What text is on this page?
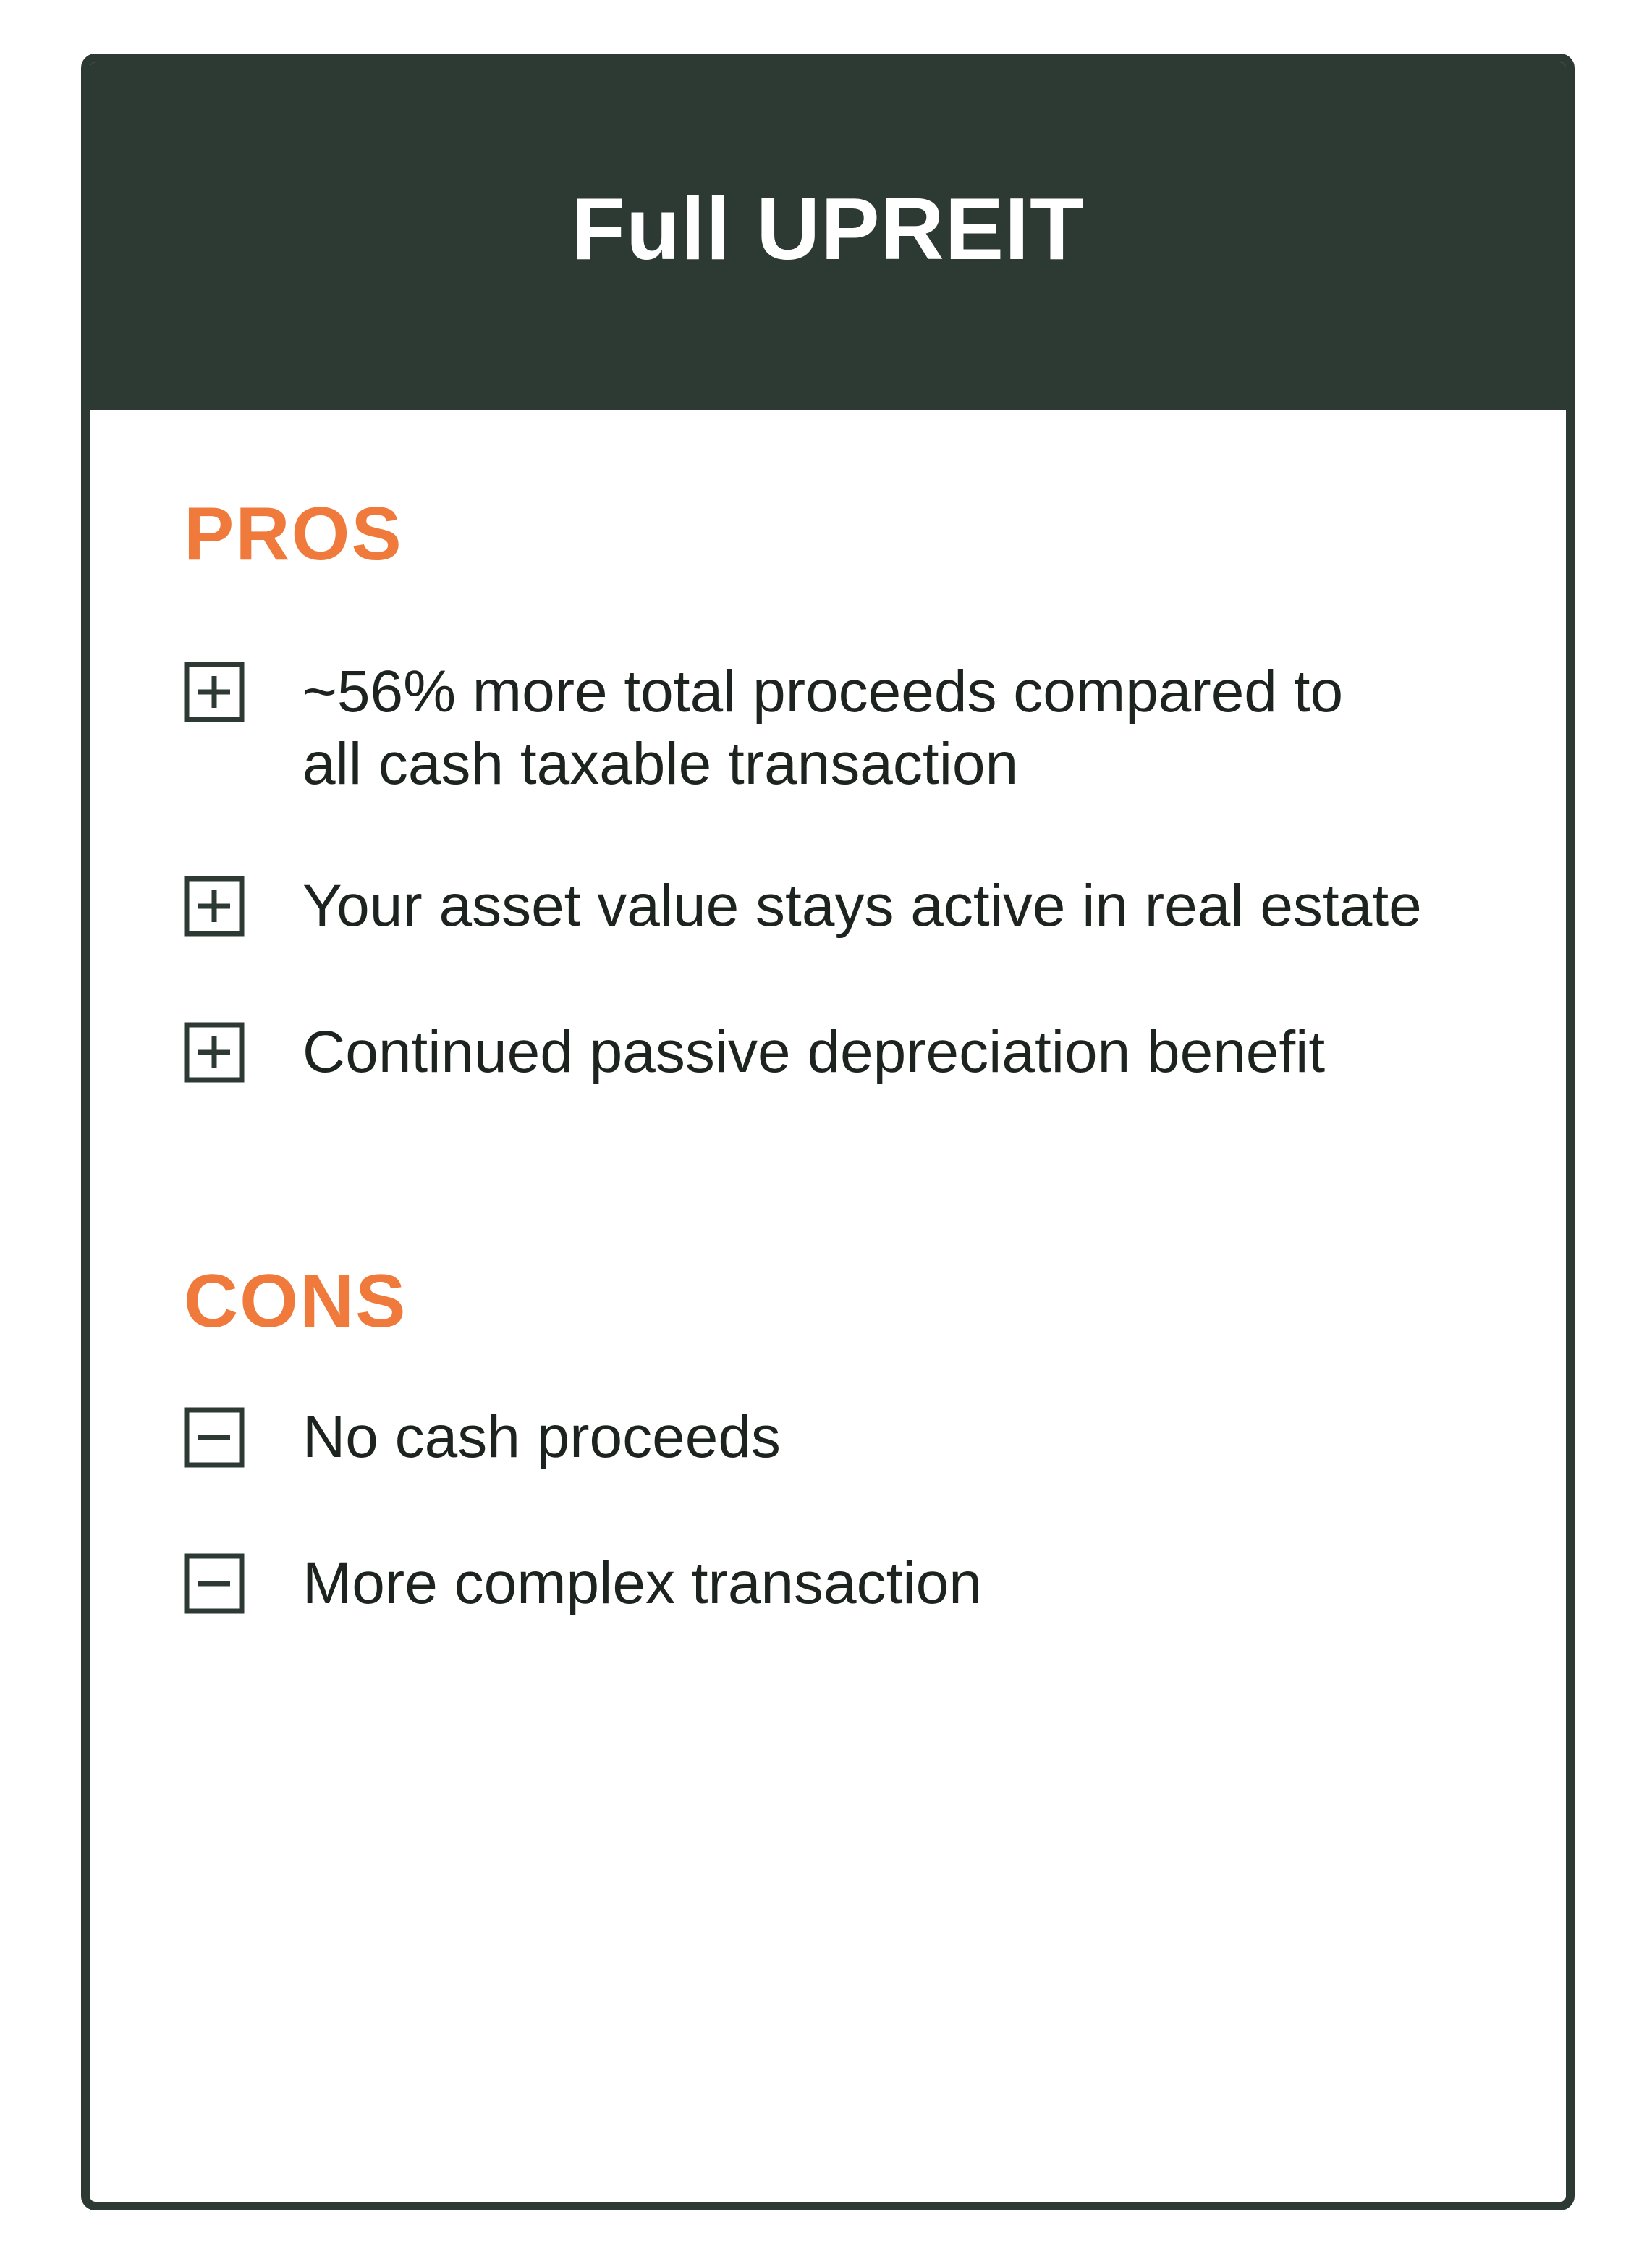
Full UPREIT
PROS
~56% more total proceeds compared to
all cash taxable transaction
Your asset value stays active in real estate
Continued passive depreciation benefit
CONS
No cash proceeds
More complex transaction
